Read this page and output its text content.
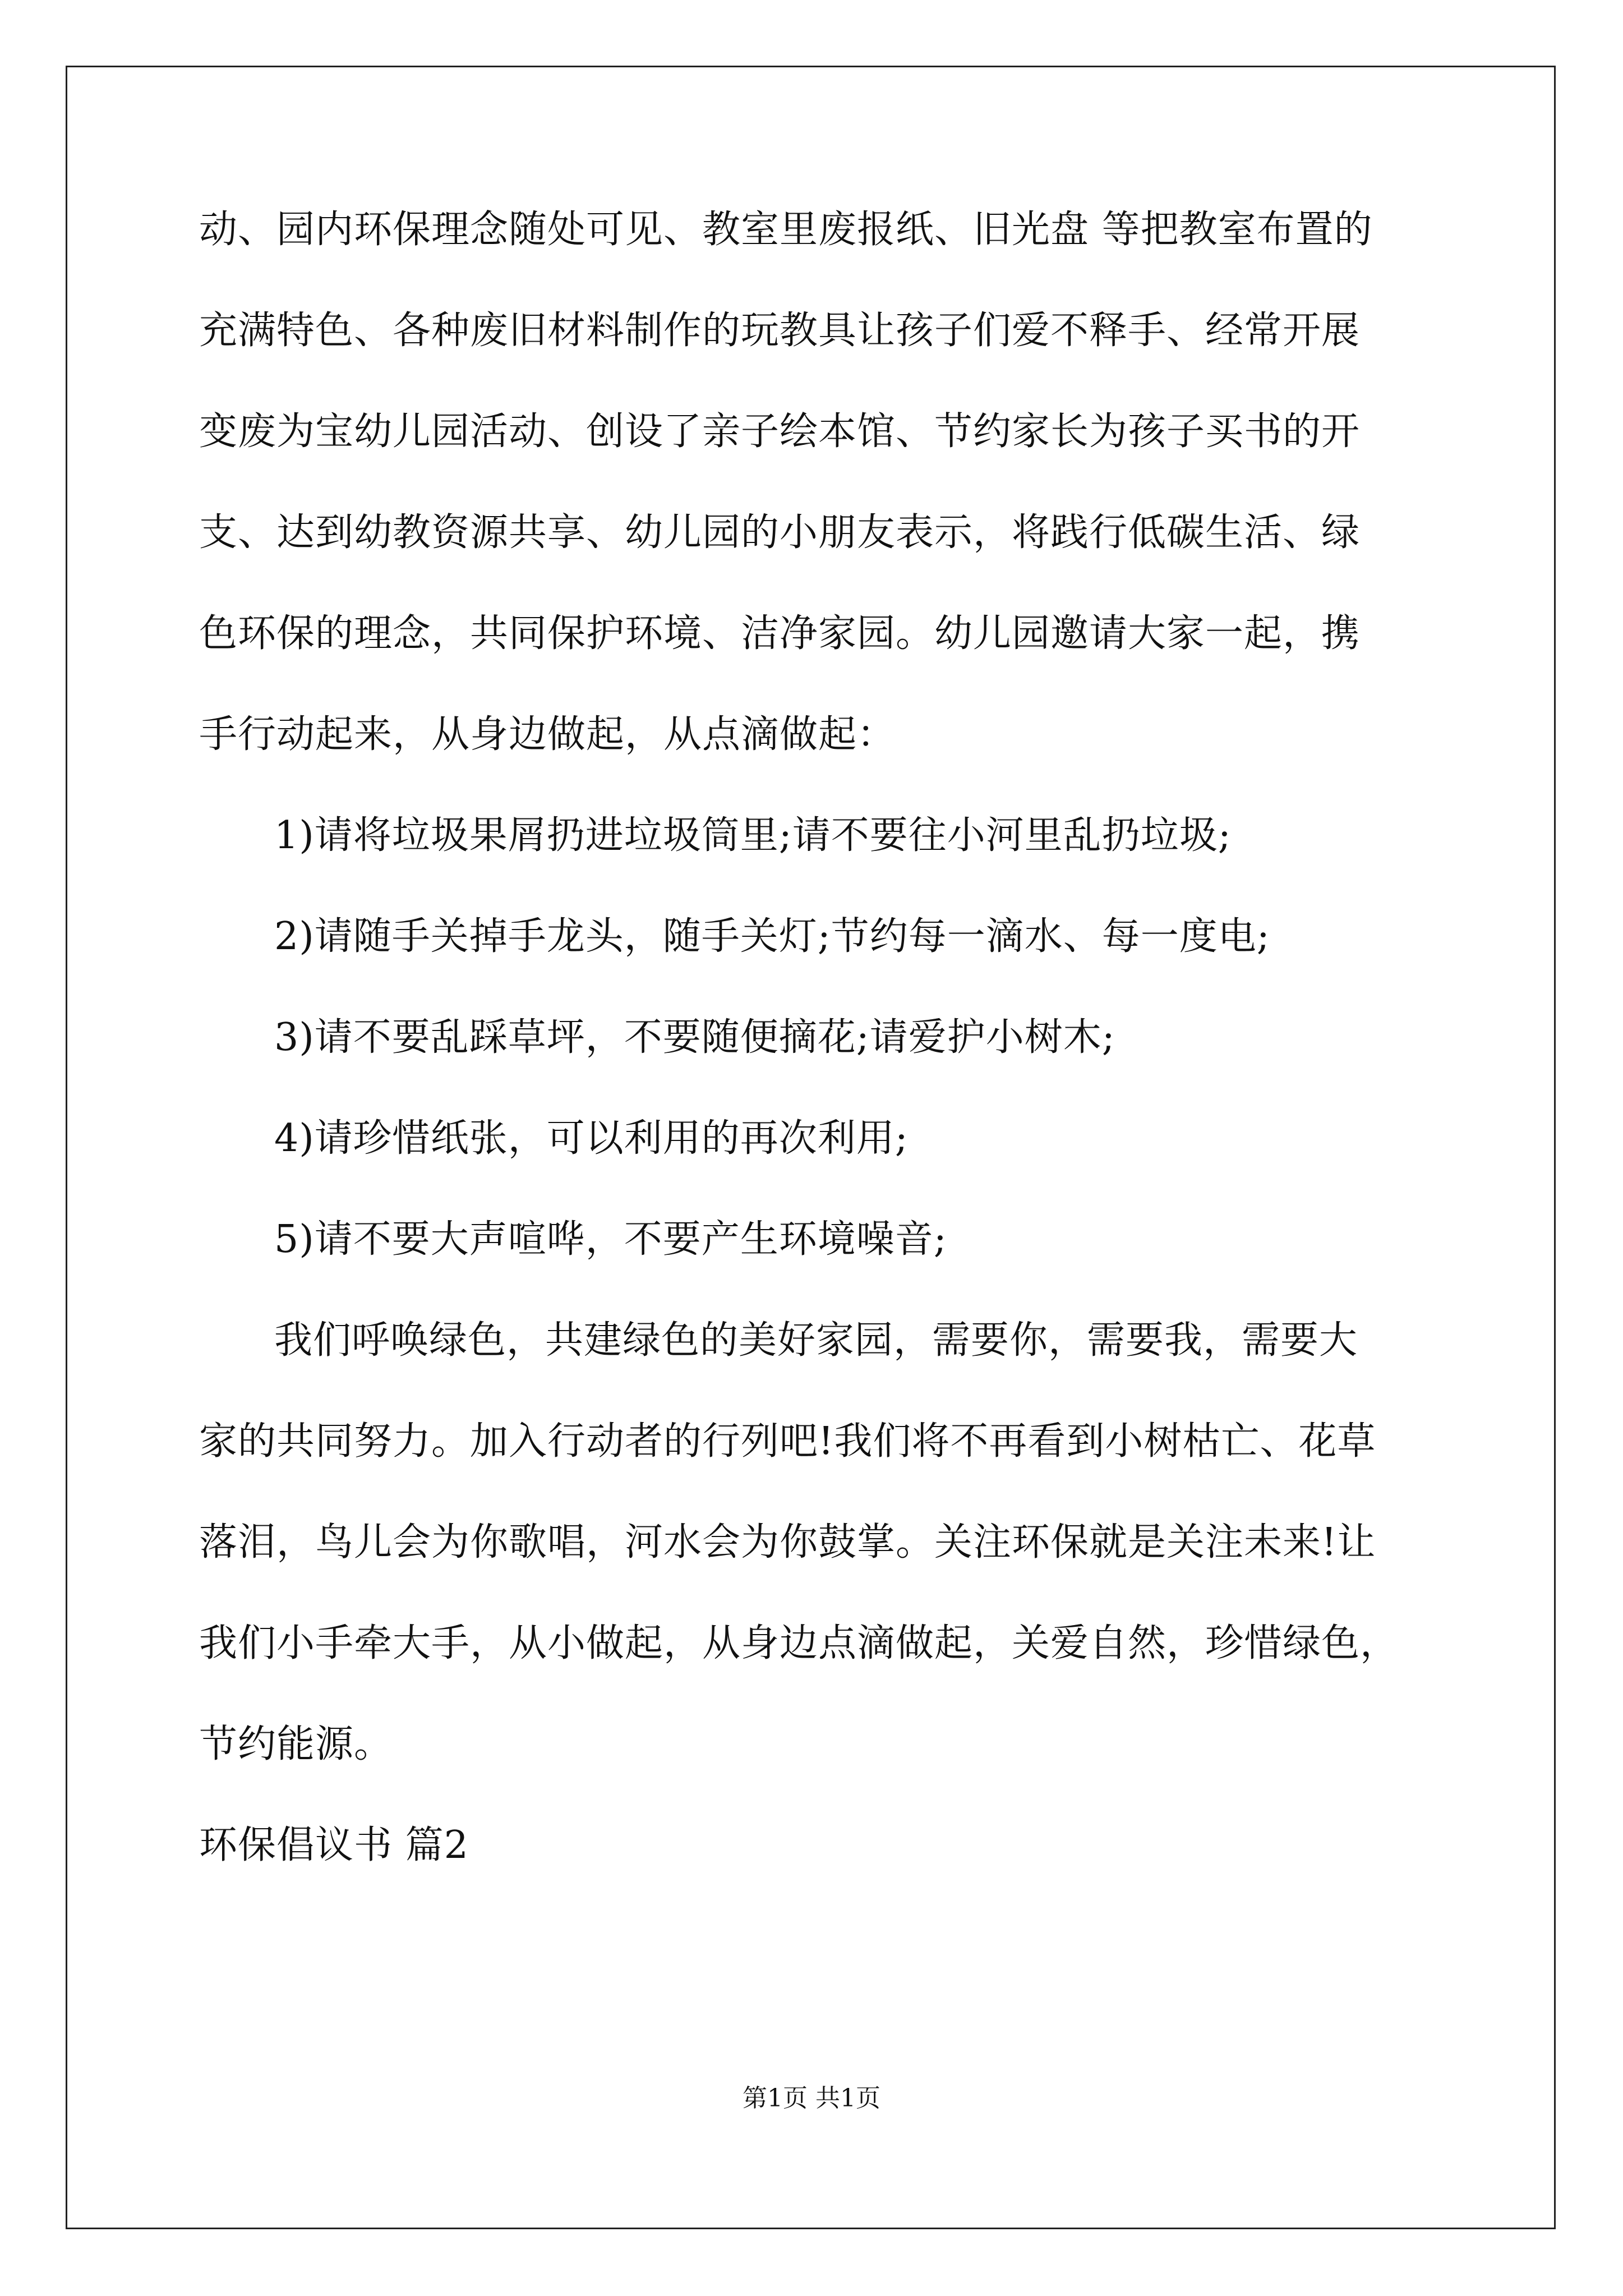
动、园内环保理念随处可见、教室里废报纸、旧光盘 等把教室布置的

充满特色、各种废旧材料制作的玩教具让孩子们爱不释手、经常开展

变废为宝幼儿园活动、创设了亲子绘本馆、节约家长为孩子买书的开

支、达到幼教资源共享、幼儿园的小朋友表示，将践行低碳生活、绿

色环保的理念，共同保护环境、洁净家园。幼儿园邀请大家一起，携

手行动起来，从身边做起，从点滴做起：

1)请将垃圾果屑扔进垃圾筒里;请不要往小河里乱扔垃圾;

2)请随手关掉手龙头，随手关灯;节约每一滴水、每一度电;

3)请不要乱踩草坪，不要随便摘花;请爱护小树木;

4)请珍惜纸张，可以利用的再次利用;

5)请不要大声喧哗，不要产生环境噪音;

我们呼唤绿色，共建绿色的美好家园，需要你，需要我，需要大

家的共同努力。加入行动者的行列吧!我们将不再看到小树枯亡、花草

落泪，鸟儿会为你歌唱，河水会为你鼓掌。关注环保就是关注未来!让

我们小手牵大手，从小做起，从身边点滴做起，关爱自然，珍惜绿色，

节约能源。

环保倡议书 篇2

第1页 共1页
